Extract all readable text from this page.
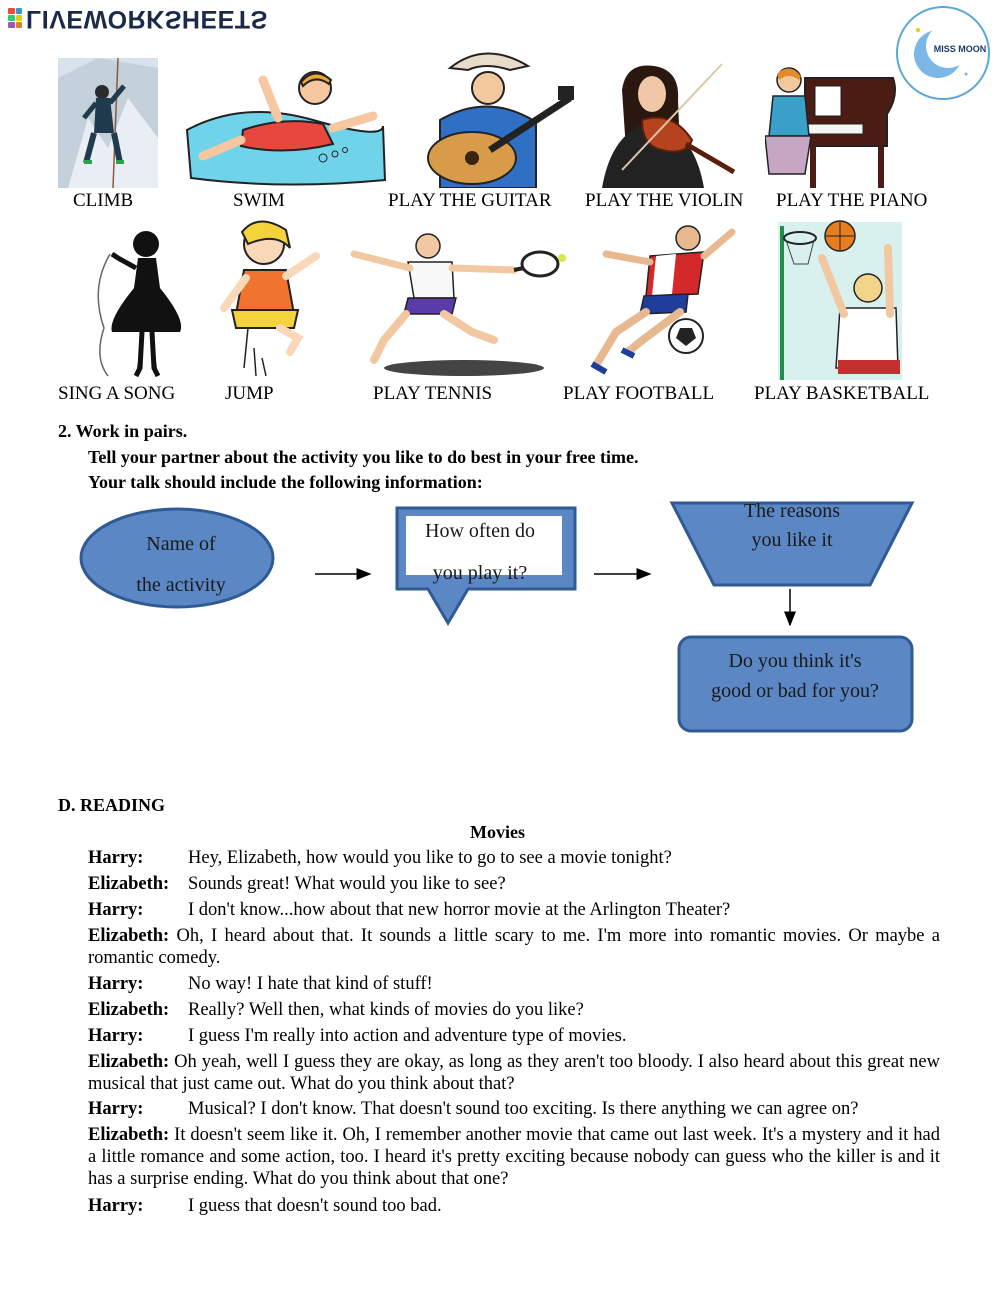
LIVEWORKSHEETS
MISS MOON
CLIMB	SWIM	PLAY THE GUITAR PLAY THE VIOLIN PLAY THE PIANO
SING A SONG	JUMP	PLAY TENNIS	PLAY FOOTBALL PLAY BASKETBALL
2. Work in pairs.
Tell your partner about the activity you like to do best in your free time.
Your talk should include the following information:
Name of
the activity
How often do
you play it?
The reasons
you like it
Do you think it's
good or bad for you?
D. READING
Movies
Harry: Hey, Elizabeth, how would you like to go to see a movie tonight?
Elizabeth: Sounds great! What would you like to see?
Harry: I don't know...how about that new horror movie at the Arlington Theater?
Elizabeth: Oh, I heard about that. It sounds a little scary to me. I'm more into romantic movies. Or maybe a romantic comedy.
Harry: No way! I hate that kind of stuff!
Elizabeth: Really? Well then, what kinds of movies do you like?
Harry: I guess I'm really into action and adventure type of movies.
Elizabeth: Oh yeah, well I guess they are okay, as long as they aren't too bloody. I also heard about this great new musical that just came out. What do you think about that?
Harry: Musical? I don't know. That doesn't sound too exciting. Is there anything we can agree on?
Elizabeth: It doesn't seem like it. Oh, I remember another movie that came out last week. It's a mystery and it had a little romance and some action, too. I heard it's pretty exciting because nobody can guess who the killer is and it has a surprise ending. What do you think about that one?
Harry: I guess that doesn't sound too bad.
